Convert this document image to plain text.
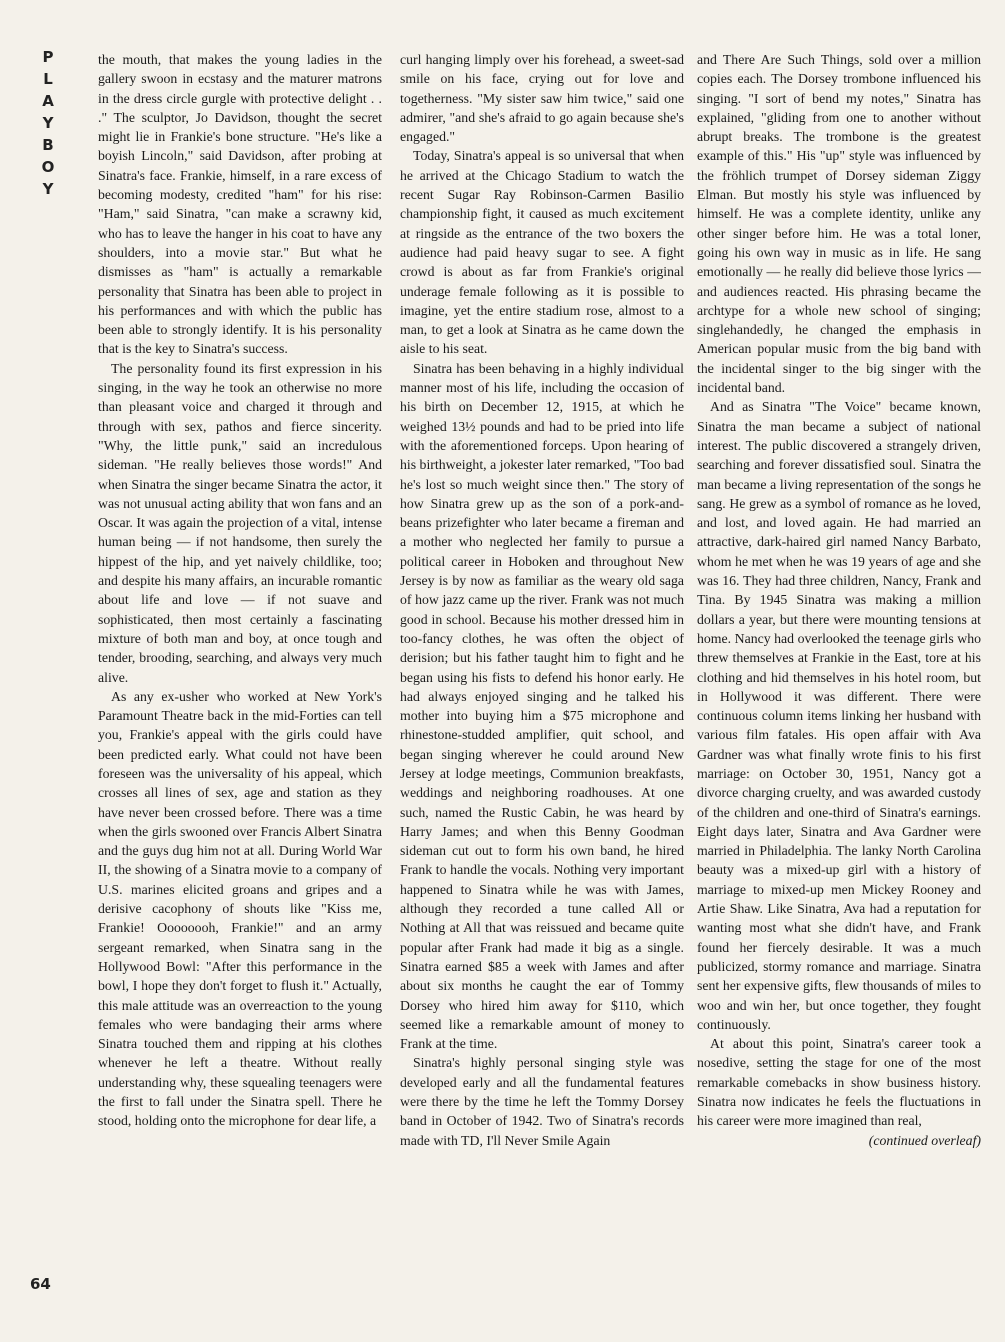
P
L
A
Y
B
O
Y
64

the mouth, that makes the young ladies in the gallery swoon in ecstasy and the maturer matrons in the dress circle gurgle with protective delight . . ." The sculptor, Jo Davidson, thought the secret might lie in Frankie's bone structure. "He's like a boyish Lincoln," said Davidson, after probing at Sinatra's face. Frankie, himself, in a rare excess of becoming modesty, credited "ham" for his rise: "Ham," said Sinatra, "can make a scrawny kid, who has to leave the hanger in his coat to have any shoulders, into a movie star." But what he dismisses as "ham" is actually a remarkable personality that Sinatra has been able to project in his performances and with which the public has been able to strongly identify. It is his personality that is the key to Sinatra's success.

The personality found its first expression in his singing, in the way he took an otherwise no more than pleasant voice and charged it through and through with sex, pathos and fierce sincerity. "Why, the little punk," said an incredulous sideman. "He really believes those words!" And when Sinatra the singer became Sinatra the actor, it was not unusual acting ability that won fans and an Oscar. It was again the projection of a vital, intense human being — if not handsome, then surely the hippest of the hip, and yet naively childlike, too; and despite his many affairs, an incurable romantic about life and love — if not suave and sophisticated, then most certainly a fascinating mixture of both man and boy, at once tough and tender, brooding, searching, and always very much alive.

As any ex-usher who worked at New York's Paramount Theatre back in the mid-Forties can tell you, Frankie's appeal with the girls could have been predicted early. What could not have been foreseen was the universality of his appeal, which crosses all lines of sex, age and station as they have never been crossed before. There was a time when the girls swooned over Francis Albert Sinatra and the guys dug him not at all. During World War II, the showing of a Sinatra movie to a company of U.S. marines elicited groans and gripes and a derisive cacophony of shouts like "Kiss me, Frankie! Oooooooh, Frankie!" and an army sergeant remarked, when Sinatra sang in the Hollywood Bowl: "After this performance in the bowl, I hope they don't forget to flush it." Actually, this male attitude was an overreaction to the young females who were bandaging their arms where Sinatra touched them and ripping at his clothes whenever he left a theatre. Without really understanding why, these squealing teenagers were the first to fall under the Sinatra spell. There he stood, holding onto the microphone for dear life, a

curl hanging limply over his forehead, a sweet-sad smile on his face, crying out for love and togetherness. "My sister saw him twice," said one admirer, "and she's afraid to go again because she's engaged."

Today, Sinatra's appeal is so universal that when he arrived at the Chicago Stadium to watch the recent Sugar Ray Robinson-Carmen Basilio championship fight, it caused as much excitement at ringside as the entrance of the two boxers the audience had paid heavy sugar to see. A fight crowd is about as far from Frankie's original underage female following as it is possible to imagine, yet the entire stadium rose, almost to a man, to get a look at Sinatra as he came down the aisle to his seat.

Sinatra has been behaving in a highly individual manner most of his life, including the occasion of his birth on December 12, 1915, at which he weighed 13½ pounds and had to be pried into life with the aforementioned forceps. Upon hearing of his birthweight, a jokester later remarked, "Too bad he's lost so much weight since then." The story of how Sinatra grew up as the son of a pork-and-beans prizefighter who later became a fireman and a mother who neglected her family to pursue a political career in Hoboken and throughout New Jersey is by now as familiar as the weary old saga of how jazz came up the river. Frank was not much good in school. Because his mother dressed him in too-fancy clothes, he was often the object of derision; but his father taught him to fight and he began using his fists to defend his honor early. He had always enjoyed singing and he talked his mother into buying him a $75 microphone and rhinestone-studded amplifier, quit school, and began singing wherever he could around New Jersey at lodge meetings, Communion breakfasts, weddings and neighboring roadhouses. At one such, named the Rustic Cabin, he was heard by Harry James; and when this Benny Goodman sideman cut out to form his own band, he hired Frank to handle the vocals. Nothing very important happened to Sinatra while he was with James, although they recorded a tune called All or Nothing at All that was reissued and became quite popular after Frank had made it big as a single. Sinatra earned $85 a week with James and after about six months he caught the ear of Tommy Dorsey who hired him away for $110, which seemed like a remarkable amount of money to Frank at the time.

Sinatra's highly personal singing style was developed early and all the fundamental features were there by the time he left the Tommy Dorsey band in October of 1942. Two of Sinatra's records made with TD, I'll Never Smile Again

and There Are Such Things, sold over a million copies each. The Dorsey trombone influenced his singing. "I sort of bend my notes," Sinatra has explained, "gliding from one to another without abrupt breaks. The trombone is the greatest example of this." His "up" style was influenced by the fröhlich trumpet of Dorsey sideman Ziggy Elman. But mostly his style was influenced by himself. He was a complete identity, unlike any other singer before him. He was a total loner, going his own way in music as in life. He sang emotionally — he really did believe those lyrics — and audiences reacted. His phrasing became the archtype for a whole new school of singing; singlehandedly, he changed the emphasis in American popular music from the big band with the incidental singer to the big singer with the incidental band.

And as Sinatra "The Voice" became known, Sinatra the man became a subject of national interest. The public discovered a strangely driven, searching and forever dissatisfied soul. Sinatra the man became a living representation of the songs he sang. He grew as a symbol of romance as he loved, and lost, and loved again. He had married an attractive, dark-haired girl named Nancy Barbato, whom he met when he was 19 years of age and she was 16. They had three children, Nancy, Frank and Tina. By 1945 Sinatra was making a million dollars a year, but there were mounting tensions at home. Nancy had overlooked the teenage girls who threw themselves at Frankie in the East, tore at his clothing and hid themselves in his hotel room, but in Hollywood it was different. There were continuous column items linking her husband with various film fatales. His open affair with Ava Gardner was what finally wrote finis to his first marriage: on October 30, 1951, Nancy got a divorce charging cruelty, and was awarded custody of the children and one-third of Sinatra's earnings. Eight days later, Sinatra and Ava Gardner were married in Philadelphia. The lanky North Carolina beauty was a mixed-up girl with a history of marriage to mixed-up men Mickey Rooney and Artie Shaw. Like Sinatra, Ava had a reputation for wanting most what she didn't have, and Frank found her fiercely desirable. It was a much publicized, stormy romance and marriage. Sinatra sent her expensive gifts, flew thousands of miles to woo and win her, but once together, they fought continuously.

At about this point, Sinatra's career took a nosedive, setting the stage for one of the most remarkable comebacks in show business history. Sinatra now indicates he feels the fluctuations in his career were more imagined than real,

(continued overleaf)
